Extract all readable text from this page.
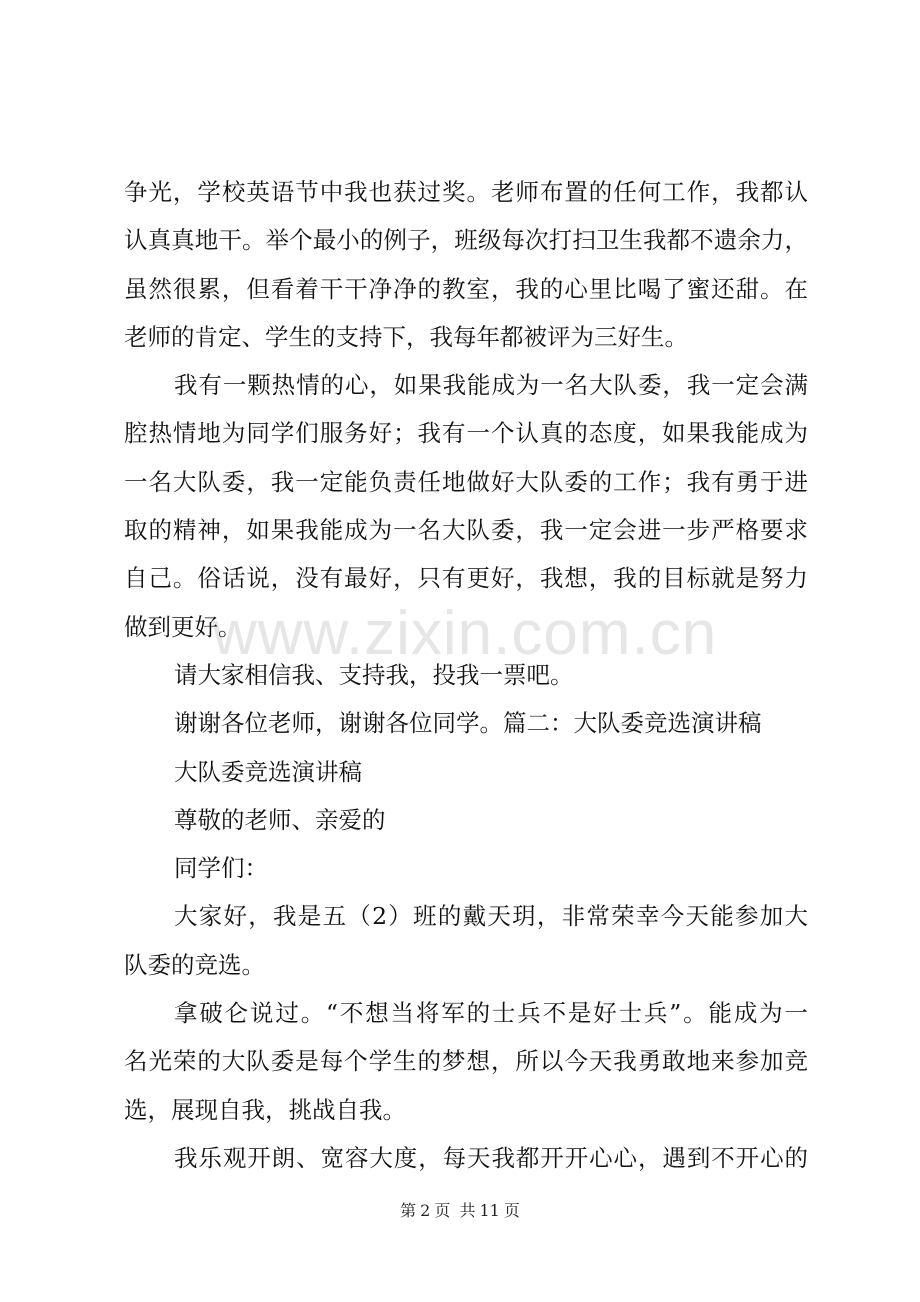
www.zixin.com.cn
争光，学校英语节中我也获过奖。老师布置的任何工作，我都认
认真真地干。举个最小的例子，班级每次打扫卫生我都不遗余力，
虽然很累，但看着干干净净的教室，我的心里比喝了蜜还甜。在
老师的肯定、学生的支持下，我每年都被评为三好生。
我有一颗热情的心，如果我能成为一名大队委，我一定会满
腔热情地为同学们服务好；我有一个认真的态度，如果我能成为
一名大队委，我一定能负责任地做好大队委的工作；我有勇于进
取的精神，如果我能成为一名大队委，我一定会进一步严格要求
自己。俗话说，没有最好，只有更好，我想，我的目标就是努力
做到更好。
请大家相信我、支持我，投我一票吧。
谢谢各位老师，谢谢各位同学。篇二：大队委竞选演讲稿
大队委竞选演讲稿
尊敬的老师、亲爱的
同学们：
大家好，我是五（2）班的戴天玥，非常荣幸今天能参加大
队委的竞选。
拿破仑说过。“不想当将军的士兵不是好士兵”。能成为一
名光荣的大队委是每个学生的梦想，所以今天我勇敢地来参加竞
选，展现自我，挑战自我。
我乐观开朗、宽容大度，每天我都开开心心，遇到不开心的
第 2 页 共 11 页
